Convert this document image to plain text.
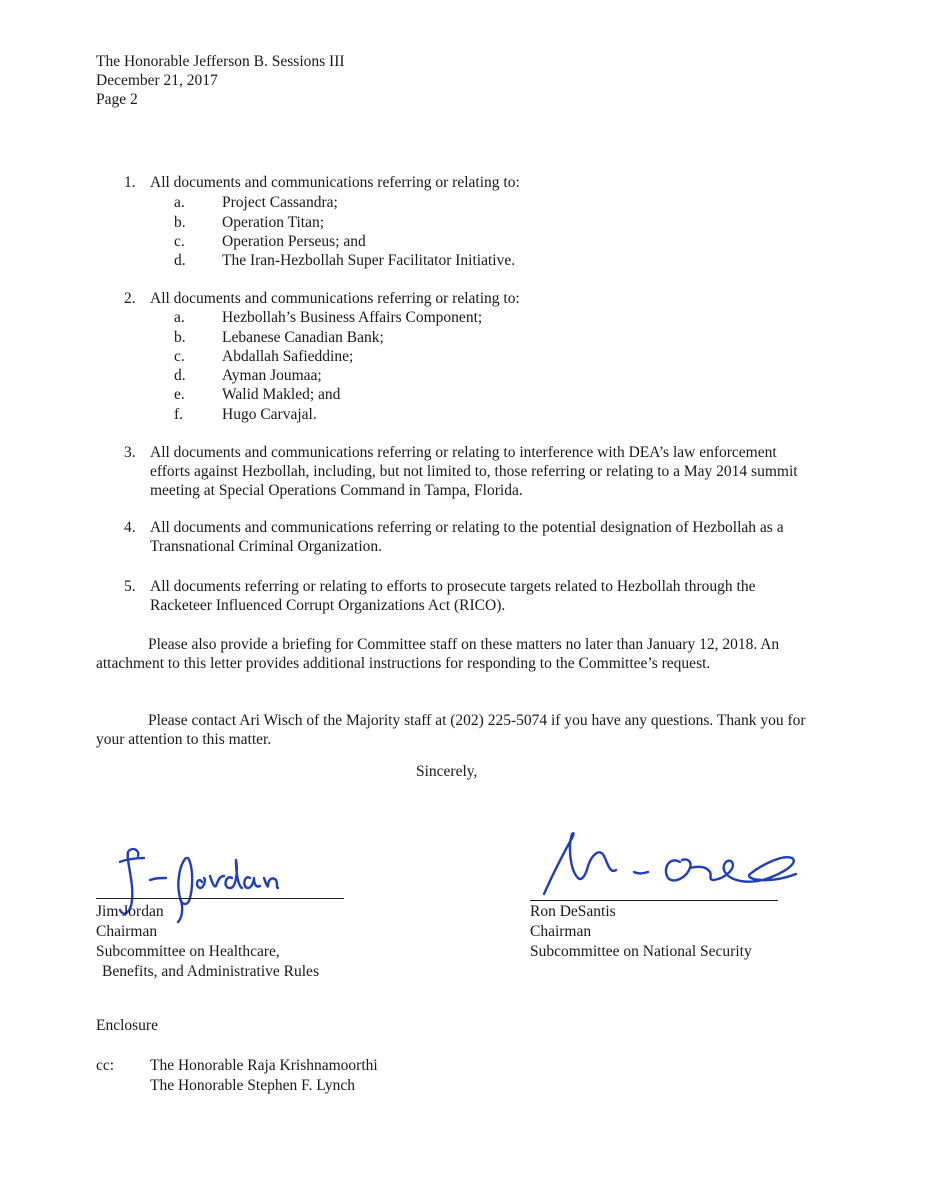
The Honorable Jefferson B. Sessions III
December 21, 2017
Page 2
1. All documents and communications referring or relating to:
a.	Project Cassandra;
b.	Operation Titan;
c.	Operation Perseus; and
d.	The Iran-Hezbollah Super Facilitator Initiative.
2. All documents and communications referring or relating to:
a.	Hezbollah’s Business Affairs Component;
b.	Lebanese Canadian Bank;
c.	Abdallah Safieddine;
d.	Ayman Joumaa;
e.	Walid Makled; and
f.	Hugo Carvajal.
3. All documents and communications referring or relating to interference with DEA’s law enforcement efforts against Hezbollah, including, but not limited to, those referring or relating to a May 2014 summit meeting at Special Operations Command in Tampa, Florida.
4. All documents and communications referring or relating to the potential designation of Hezbollah as a Transnational Criminal Organization.
5. All documents referring or relating to efforts to prosecute targets related to Hezbollah through the Racketeer Influenced Corrupt Organizations Act (RICO).
Please also provide a briefing for Committee staff on these matters no later than January 12, 2018. An attachment to this letter provides additional instructions for responding to the Committee’s request.
Please contact Ari Wisch of the Majority staff at (202) 225-5074 if you have any questions. Thank you for your attention to this matter.
Sincerely,
Jim Jordan
Chairman
Subcommittee on Healthcare,
Benefits, and Administrative Rules
Ron DeSantis
Chairman
Subcommittee on National Security
Enclosure
cc: The Honorable Raja Krishnamoorthi
The Honorable Stephen F. Lynch
